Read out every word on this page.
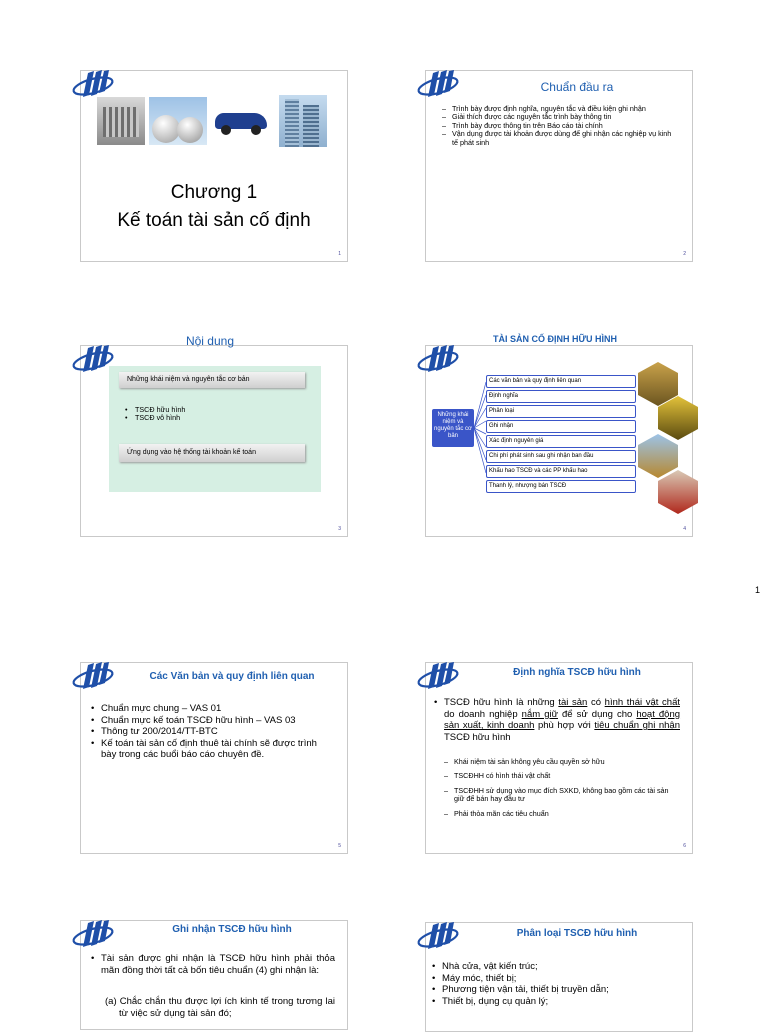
1
Chương 1
Kế toán tài sản cố định
1
Chuẩn đầu ra
– Trình bày được định nghĩa, nguyên tắc và điều kiện ghi nhận
– Giải thích được các nguyên tắc trình bày thông tin
– Trình bày được thông tin trên Báo cáo tài chính
– Vận dụng được tài khoản được dùng để ghi nhận các nghiệp vụ kinh tế phát sinh
2
Nội dung
Những khái niệm và nguyên tắc cơ bản
• TSCĐ hữu hình
• TSCĐ vô hình
Ứng dụng vào hệ thống tài khoản kế toán
3
TÀI SẢN CỐ ĐỊNH HỮU HÌNH
Những khái niệm và nguyên tắc cơ bản
Các văn bản và quy định liên quan
Định nghĩa
Phân loại
Ghi nhận
Xác định nguyên giá
Chi phí phát sinh sau ghi nhận ban đầu
Khấu hao TSCĐ và các PP khấu hao
Thanh lý, nhượng bán TSCĐ
4
Các Văn bản và quy định liên quan
• Chuẩn mực chung – VAS 01
• Chuẩn mực kế toán TSCĐ hữu hình – VAS 03
• Thông tư 200/2014/TT-BTC
• Kế toán tài sản cố định thuê tài chính sẽ được trình bày trong các buổi báo cáo chuyên đề.
5
Định nghĩa TSCĐ hữu hình
• TSCĐ hữu hình là những tài sản có hình thái vật chất do doanh nghiệp nắm giữ để sử dụng cho hoạt động sản xuất, kinh doanh phù hợp với tiêu chuẩn ghi nhận TSCĐ hữu hình
– Khái niệm tài sản không yêu cầu quyền sở hữu
– TSCĐHH có hình thái vật chất
– TSCĐHH sử dụng vào mục đích SXKD, không bao gồm các tài sản giữ để bán hay đầu tư
– Phải thỏa mãn các tiêu chuẩn
6
Ghi nhận TSCĐ hữu hình
• Tài sản được ghi nhận là TSCĐ hữu hình phải thỏa mãn đồng thời tất cả bốn tiêu chuẩn (4) ghi nhận là:
(a) Chắc chắn thu được lợi ích kinh tế trong tương lai từ việc sử dụng tài sản đó;
Phân loại TSCĐ hữu hình
• Nhà cửa, vật kiến trúc;
• Máy móc, thiết bị;
• Phương tiện vận tải, thiết bị truyền dẫn;
• Thiết bị, dụng cụ quản lý;
